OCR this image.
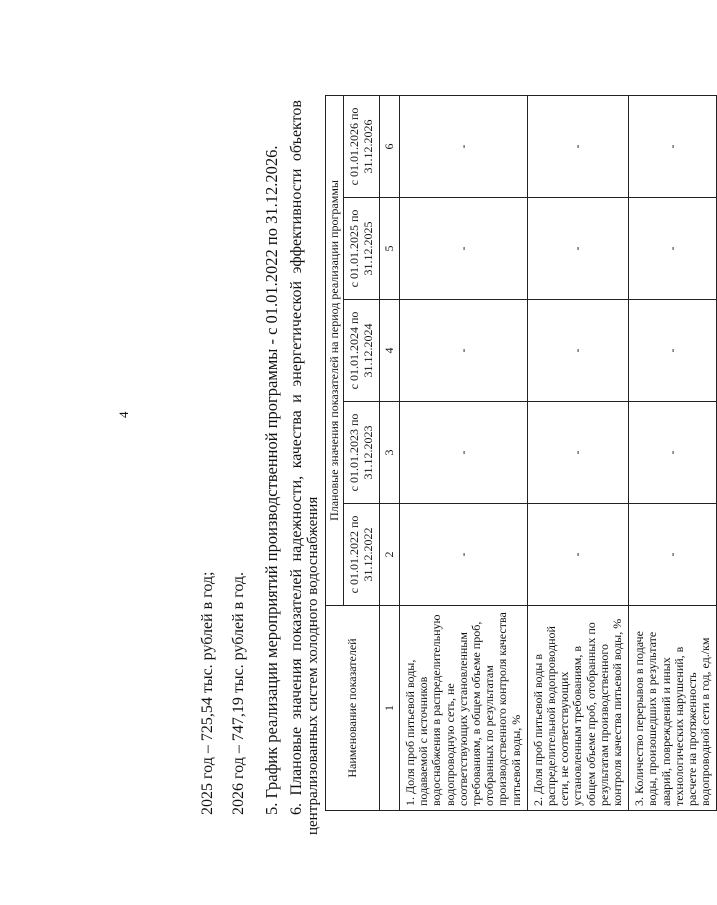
4
2025 год – 725,54 тыс. рублей в год; 2026 год – 747,19 тыс. рублей в год. 5. График реализации мероприятий производственной программы - с 01.01.2022 по 31.12.2026. 6.
Плановые
значения
показателей
надежности,
качества
и
энергетической
эффективности
объектов
централизованных систем холодного водоснабжения Наименование показателей	Плановые значения показателей на период реализации программы				
	с 01.01.2022 по 31.12.2022	с 01.01.2023 по 31.12.2023	с 01.01.2024 по 31.12.2024	с 01.01.2025 по 31.12.2025	с 01.01.2026 по 31.12.2026
1	2	3	4	5	6
1. Доля проб питьевой воды, подаваемой с источников водоснабжения в распределительную водопроводную сеть, не соответствующих установленным требованиям, в общем объеме проб, отобранных по результатам производственного контроля качества питьевой воды, %	-	-	-	-	-
2. Доля проб питьевой воды в распределительной водопроводной сети, не соответствующих установленным требованиям, в общем объеме проб, отобранных по результатам производственного контроля качества питьевой воды, %	-	-	-	-	-
3. Количество перерывов в подаче воды, произошедших в результате аварий, повреждений и иных технологических нарушений, в расчете на протяженность водопроводной сети в год, ед./км	-	-	-	-	-
